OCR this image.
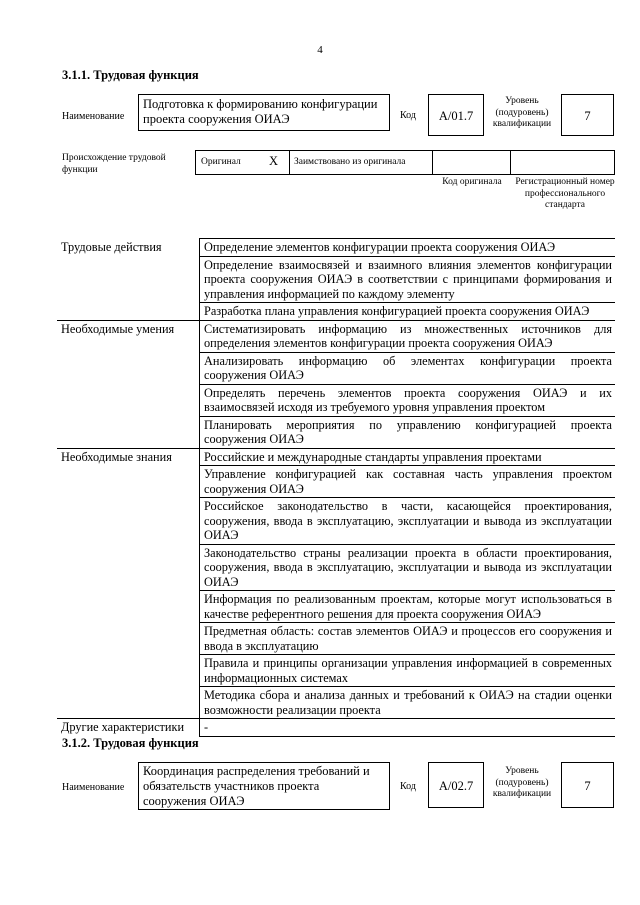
4
3.1.1. Трудовая функция
Наименование
Подготовка к формированию конфигурации проекта сооружения ОИАЭ	Код	A/01.7
Уровень (подуровень) квалификации
7
Происхождение трудовой функции
Оригинал X Заимствовано из оригинала
Код оригинала Регистрационный номер профессионального стандарта
Трудовые действия	Определение элементов конфигурации проекта сооружения ОИАЭ
	Определение взаимосвязей и взаимного влияния элементов конфигурации проекта сооружения ОИАЭ в соответствии с принципами формирования и управления информацией по каждому элементу
	Разработка плана управления конфигурацией проекта сооружения ОИАЭ
Необходимые умения	Систематизировать информацию из множественных источников для определения элементов конфигурации проекта сооружения ОИАЭ
	Анализировать информацию об элементах конфигурации проекта сооружения ОИАЭ
	Определять перечень элементов проекта сооружения ОИАЭ и их взаимосвязей исходя из требуемого уровня управления проектом
	Планировать мероприятия по управлению конфигурацией проекта сооружения ОИАЭ
Необходимые знания	Российские и международные стандарты управления проектами
	Управление конфигурацией как составная часть управления проектом сооружения ОИАЭ
	Российское законодательство в части, касающейся проектирования, сооружения, ввода в эксплуатацию, эксплуатации и вывода из эксплуатации ОИАЭ
	Законодательство страны реализации проекта в области проектирования, сооружения, ввода в эксплуатацию, эксплуатации и вывода из эксплуатации ОИАЭ
	Информация по реализованным проектам, которые могут использоваться в качестве референтного решения для проекта сооружения ОИАЭ
	Предметная область: состав элементов ОИАЭ и процессов его сооружения и ввода в эксплуатацию
	Правила и принципы организации управления информацией в современных информационных системах
	Методика сбора и анализа данных и требований к ОИАЭ на стадии оценки возможности реализации проекта
Другие характеристики	-
3.1.2. Трудовая функция
Наименование
Координация распределения требований и обязательств участников проекта сооружения ОИАЭ
Код	A/02.7
Уровень (подуровень) квалификации
7
